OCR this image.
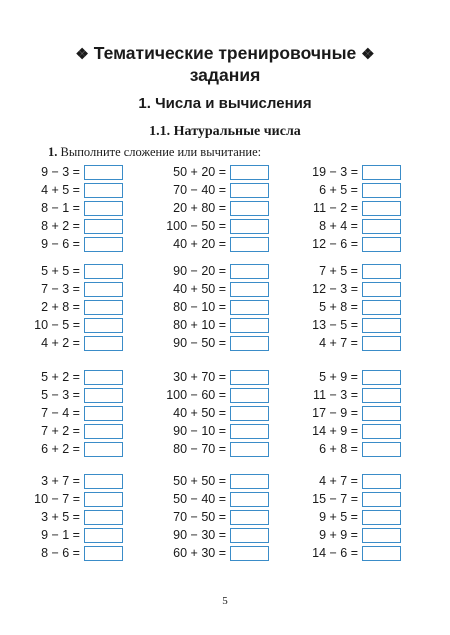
❖ Тематические тренировочные ❖
задания
1. Числа и вычисления
1.1. Натуральные числа
1. Выполните сложение или вычитание:
9 − 3 =
4 + 5 =
8 − 1 =
8 + 2 =
9 − 6 =
5 + 5 =
7 − 3 =
2 + 8 =
10 − 5 =
4 + 2 =
5 + 2 =
5 − 3 =
7 − 4 =
7 + 2 =
6 + 2 =
3 + 7 =
10 − 7 =
3 + 5 =
9 − 1 =
8 − 6 =
50 + 20 =
70 − 40 =
20 + 80 =
100 − 50 =
40 + 20 =
90 − 20 =
40 + 50 =
80 − 10 =
80 + 10 =
90 − 50 =
30 + 70 =
100 − 60 =
40 + 50 =
90 − 10 =
80 − 70 =
50 + 50 =
50 − 40 =
70 − 50 =
90 − 30 =
60 + 30 =
19 − 3 =
6 + 5 =
11 − 2 =
8 + 4 =
12 − 6 =
7 + 5 =
12 − 3 =
5 + 8 =
13 − 5 =
4 + 7 =
5 + 9 =
11 − 3 =
17 − 9 =
14 + 9 =
6 + 8 =
4 + 7 =
15 − 7 =
9 + 5 =
9 + 9 =
14 − 6 =
5
